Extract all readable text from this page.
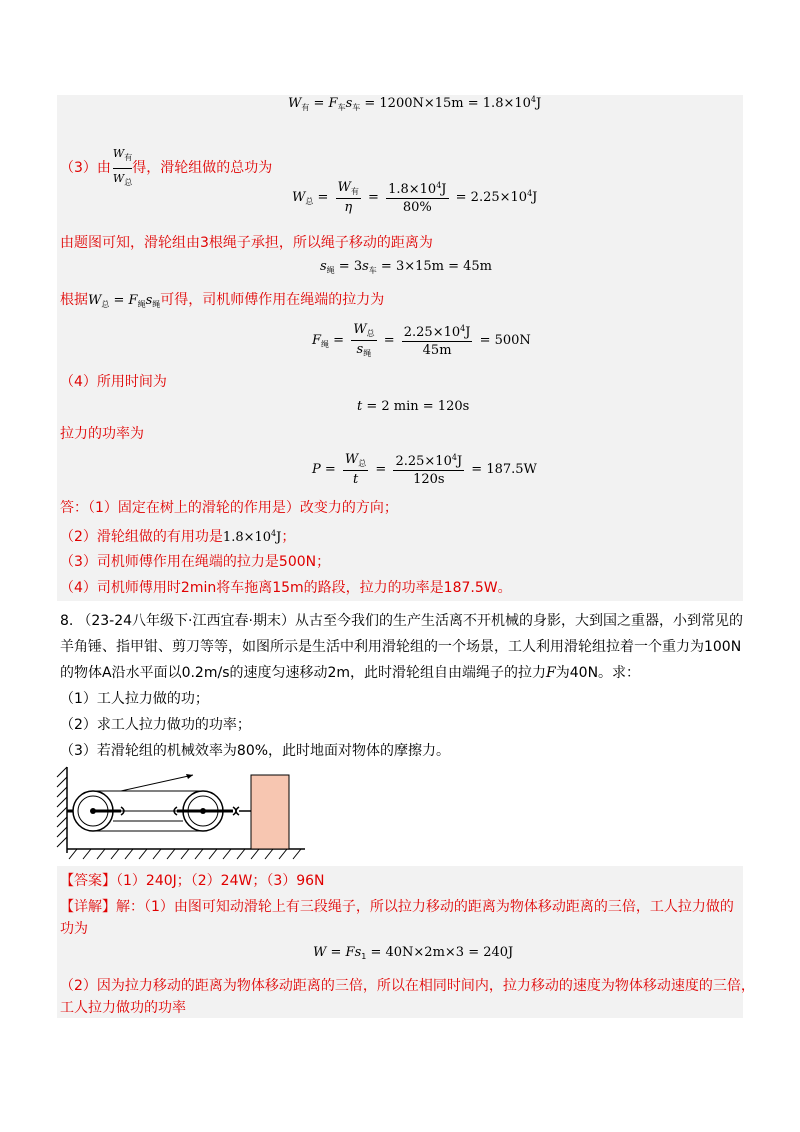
$W_有 = F_车s_车 = 1200N\times 15m = 1.8\times 10^4J$
（3）由
$W_有$
$W_总$
得，滑轮组做的总功为
$W_总 = \frac{W_有}{\eta} = \frac{1.8\times 10^4J}{80\%} = 2.25\times 10^4J$
由题图可知，滑轮组由3根绳子承担，所以绳子移动的距离为
$s_绳 = 3s_车 = 3\times 15m = 45m$
根据$W_总 = F_绳s_绳$可得，司机师傅作用在绳端的拉力为
$F_绳 = \frac{W_总}{s_绳} = \frac{2.25\times 10^4J}{45m} = 500N$
（4）所用时间为
t = 2 min = 120s
拉力的功率为
$P = \frac{W_总}{t} = \frac{2.25\times 10^4J}{120s} = 187.5W$
答：（1）固定在树上的滑轮的作用是）改变力的方向；
（2）滑轮组做的有用功是$1.8\times 10^4J$；
（3）司机师傅作用在绳端的拉力是500N；
（4）司机师傅用时2min将车拖离15m的路段，拉力的功率是187.5W。
8. （23-24八年级下·江西宜春·期末）从古至今我们的生产生活离不开机械的身影，大到国之重器，小到常见的
羊角锤、指甲钳、剪刀等等，如图所示是生活中利用滑轮组的一个场景，工人利用滑轮组拉着一个重力为100N
的物体A沿水平面以0.2m/s的速度匀速移动2m，此时滑轮组自由端绳子的拉力F为40N。求：
（1）工人拉力做的功；
（2）求工人拉力做功的功率；
（3）若滑轮组的机械效率为80%，此时地面对物体的摩擦力。
【答案】（1）240J；（2）24W；（3）96N
【详解】解：（1）由图可知动滑轮上有三段绳子，所以拉力移动的距离为物体移动距离的三倍，工人拉力做的
功为
$W = Fs_1 = 40N\times 2m\times 3 = 240J$
（2）因为拉力移动的距离为物体移动距离的三倍，所以在相同时间内，拉力移动的速度为物体移动速度的三倍，
工人拉力做功的功率
